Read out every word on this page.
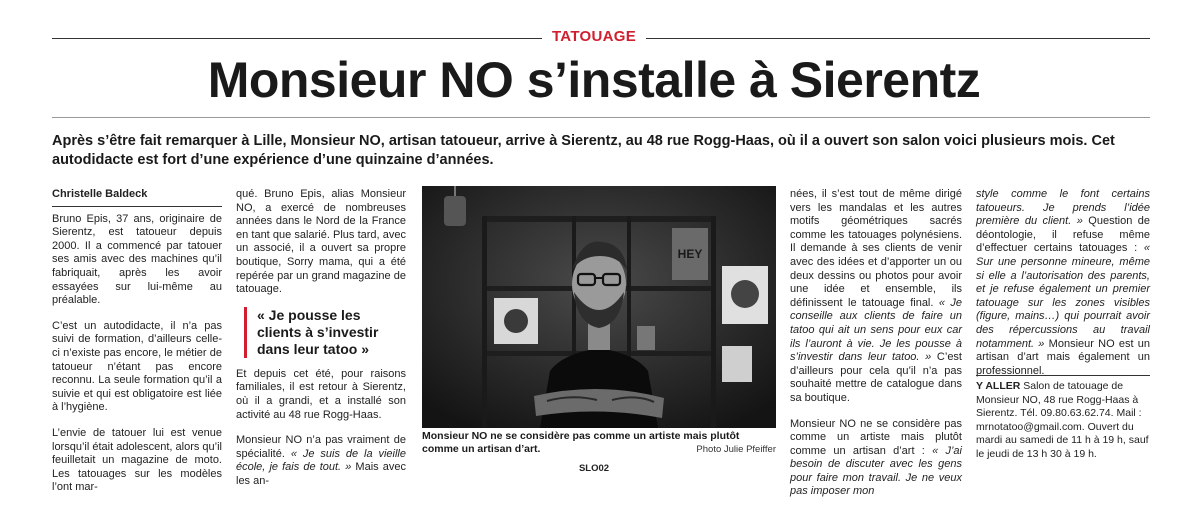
TATOUAGE
Monsieur NO s’installe à Sierentz
Après s’être fait remarquer à Lille, Monsieur NO, artisan tatoueur, arrive à Sierentz, au 48 rue Rogg-Haas, où il a ouvert son salon voici plusieurs mois. Cet autodidacte est fort d’une expérience d’une quinzaine d’années.
Christelle Baldeck

Bruno Epis, 37 ans, originaire de Sierentz, est tatoueur depuis 2000. Il a commencé par tatouer ses amis avec des machines qu’il fabriquait, après les avoir essayées sur lui-même au préalable.

C’est un autodidacte, il n’a pas suivi de formation, d’ailleurs celle-ci n’existe pas encore, le métier de tatoueur n’étant pas encore reconnu. La seule formation qu’il a suivie et qui est obligatoire est liée à l’hygiène.

L’envie de tatouer lui est venue lorsqu’il était adolescent, alors qu’il feuilletait un magazine de moto. Les tatouages sur les modèles l’ont mar-

qué. Bruno Epis, alias Monsieur NO, a exercé de nombreuses années dans le Nord de la France en tant que salarié. Plus tard, avec un associé, il a ouvert sa propre boutique, Sorry mama, qui a été repérée par un grand magazine de tatouage.

« Je pousse les clients à s’investir dans leur tatoo »

Et depuis cet été, pour raisons familiales, il est retour à Sierentz, où il a grandi, et a installé son activité au 48 rue Rogg-Haas.

Monsieur NO n’a pas vraiment de spécialité. « Je suis de la vieille école, je fais de tout. » Mais avec les an-

HEY
Monsieur NO ne se considère pas comme un artiste mais plutôt comme un artisan d’art.	Photo Julie Pfeiffer

nées, il s’est tout de même dirigé vers les mandalas et les autres motifs géométriques sacrés comme les tatouages polynésiens. Il demande à ses clients de venir avec des idées et d’apporter un ou deux dessins ou photos pour avoir une idée et ensemble, ils définissent le tatouage final. « Je conseille aux clients de faire un tatoo qui ait un sens pour eux car ils l’auront à vie. Je les pousse à s’investir dans leur tatoo. » C’est d’ailleurs pour cela qu’il n’a pas souhaité mettre de catalogue dans sa boutique.

Monsieur NO ne se considère pas comme un artiste mais plutôt comme un artisan d’art : « J’ai besoin de discuter avec les gens pour faire mon travail. Je ne veux pas imposer mon

style comme le font certains tatoueurs. Je prends l’idée première du client. » Question de déontologie, il refuse même d’effectuer certains tatouages : « Sur une personne mineure, même si elle a l’autorisation des parents, et je refuse également un premier tatouage sur les zones visibles (figure, mains…) qui pourrait avoir des répercussions au travail notamment. » Monsieur NO est un artisan d’art mais également un professionnel.

Y ALLER Salon de tatouage de Monsieur NO, 48 rue Rogg-Haas à Sierentz. Tél. 09.80.63.62.74. Mail : mrnotatoo@gmail.com. Ouvert du mardi au samedi de 11 h à 19 h, sauf le jeudi de 13 h 30 à 19 h.
SLO02
